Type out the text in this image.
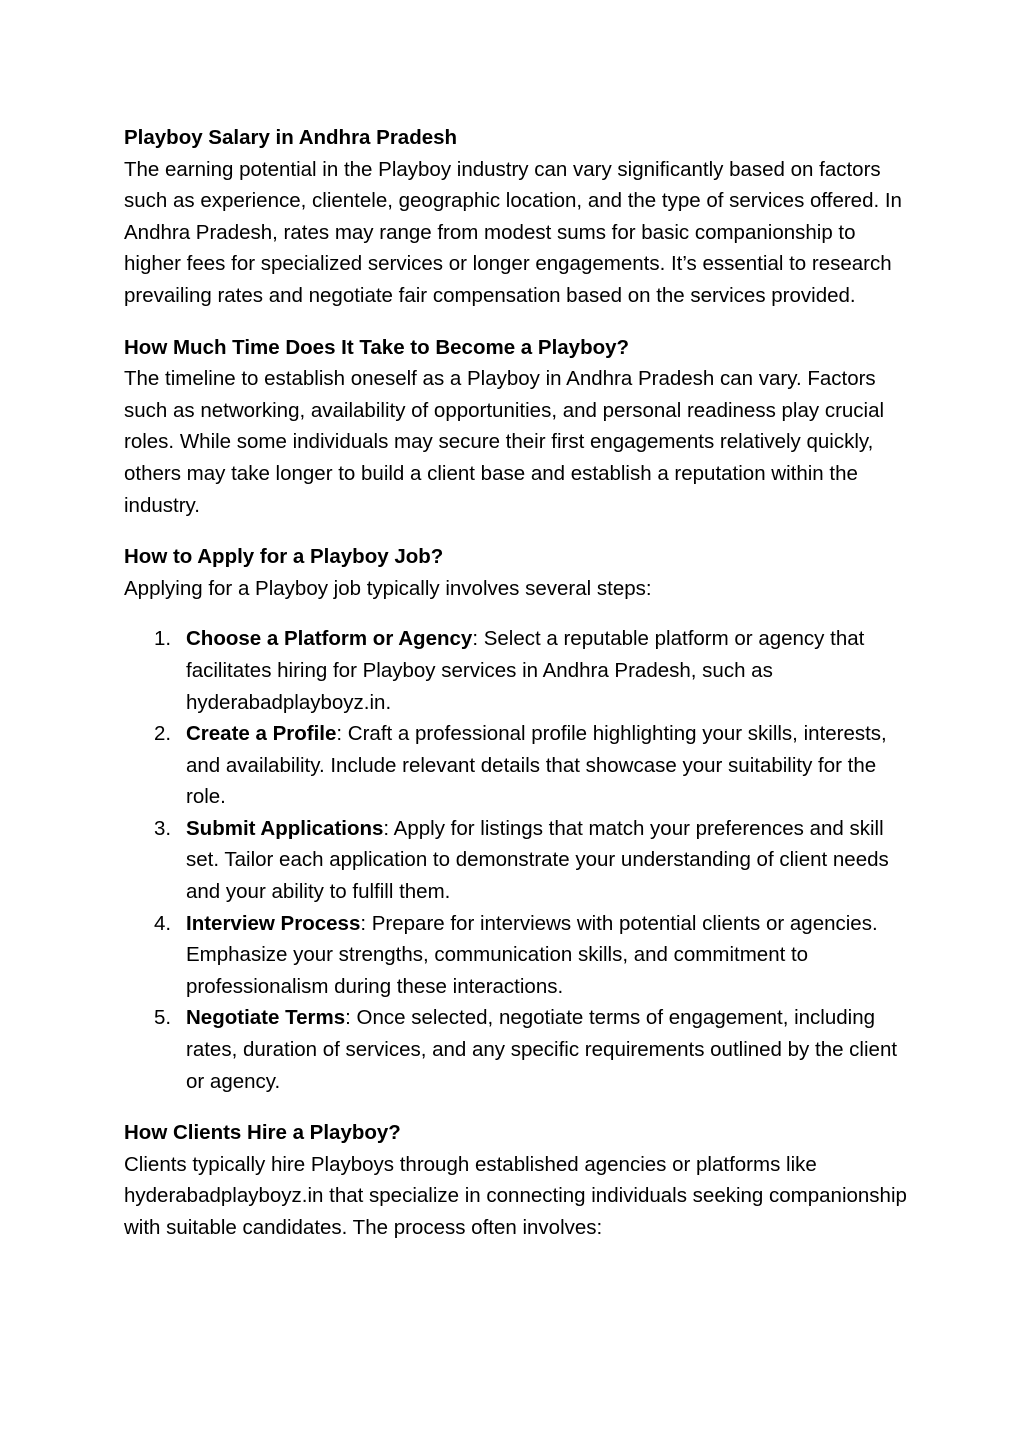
Playboy Salary in Andhra Pradesh

The earning potential in the Playboy industry can vary significantly based on factors such as experience, clientele, geographic location, and the type of services offered. In Andhra Pradesh, rates may range from modest sums for basic companionship to higher fees for specialized services or longer engagements. It’s essential to research prevailing rates and negotiate fair compensation based on the services provided.

How Much Time Does It Take to Become a Playboy?

The timeline to establish oneself as a Playboy in Andhra Pradesh can vary. Factors such as networking, availability of opportunities, and personal readiness play crucial roles. While some individuals may secure their first engagements relatively quickly, others may take longer to build a client base and establish a reputation within the industry.

How to Apply for a Playboy Job?

Applying for a Playboy job typically involves several steps:

1. Choose a Platform or Agency: Select a reputable platform or agency that facilitates hiring for Playboy services in Andhra Pradesh, such as hyderabadplayboyz.in.
2. Create a Profile: Craft a professional profile highlighting your skills, interests, and availability. Include relevant details that showcase your suitability for the role.
3. Submit Applications: Apply for listings that match your preferences and skill set. Tailor each application to demonstrate your understanding of client needs and your ability to fulfill them.
4. Interview Process: Prepare for interviews with potential clients or agencies. Emphasize your strengths, communication skills, and commitment to professionalism during these interactions.
5. Negotiate Terms: Once selected, negotiate terms of engagement, including rates, duration of services, and any specific requirements outlined by the client or agency.

How Clients Hire a Playboy?

Clients typically hire Playboys through established agencies or platforms like hyderabadplayboyz.in that specialize in connecting individuals seeking companionship with suitable candidates. The process often involves:
